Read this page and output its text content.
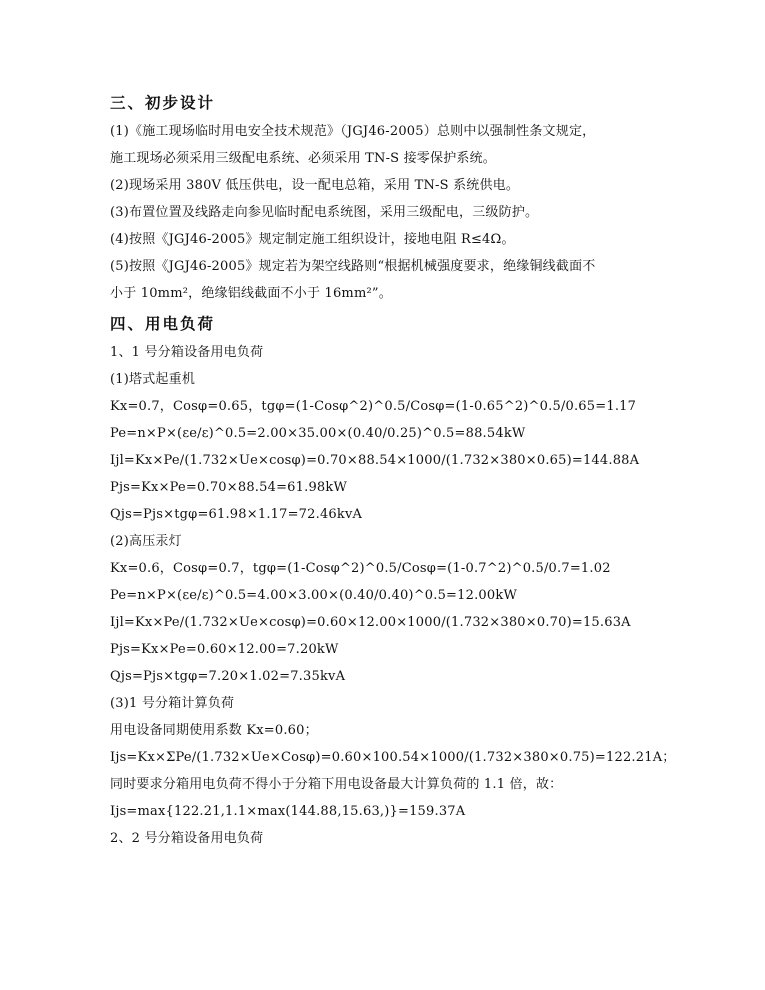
三、初步设计
(1)《施工现场临时用电安全技术规范》（JGJ46-2005）总则中以强制性条文规定，
施工现场必须采用三级配电系统、必须采用 TN-S 接零保护系统。
(2)现场采用 380V 低压供电，设一配电总箱，采用 TN-S 系统供电。
(3)布置位置及线路走向参见临时配电系统图，采用三级配电，三级防护。
(4)按照《JGJ46-2005》规定制定施工组织设计，接地电阻 R≤4Ω。
(5)按照《JGJ46-2005》规定若为架空线路则“根据机械强度要求，绝缘铜线截面不
小于 10mm²，绝缘铝线截面不小于 16mm²”。
四、用电负荷
1、1 号分箱设备用电负荷
(1)塔式起重机
Kx=0.7，Cosφ=0.65，tgφ=(1-Cosφ^2)^0.5/Cosφ=(1-0.65^2)^0.5/0.65=1.17
Pe=n×P×(εe/ε)^0.5=2.00×35.00×(0.40/0.25)^0.5=88.54kW
Ijl=Kx×Pe/(1.732×Ue×cosφ)=0.70×88.54×1000/(1.732×380×0.65)=144.88A
Pjs=Kx×Pe=0.70×88.54=61.98kW
Qjs=Pjs×tgφ=61.98×1.17=72.46kvA
(2)高压汞灯
Kx=0.6，Cosφ=0.7，tgφ=(1-Cosφ^2)^0.5/Cosφ=(1-0.7^2)^0.5/0.7=1.02
Pe=n×P×(εe/ε)^0.5=4.00×3.00×(0.40/0.40)^0.5=12.00kW
Ijl=Kx×Pe/(1.732×Ue×cosφ)=0.60×12.00×1000/(1.732×380×0.70)=15.63A
Pjs=Kx×Pe=0.60×12.00=7.20kW
Qjs=Pjs×tgφ=7.20×1.02=7.35kvA
(3)1 号分箱计算负荷
用电设备同期使用系数 Kx=0.60；
Ijs=Kx×ΣPe/(1.732×Ue×Cosφ)=0.60×100.54×1000/(1.732×380×0.75)=122.21A；
同时要求分箱用电负荷不得小于分箱下用电设备最大计算负荷的 1.1 倍，故：
Ijs=max{122.21,1.1×max(144.88,15.63,)}=159.37A
2、2 号分箱设备用电负荷
